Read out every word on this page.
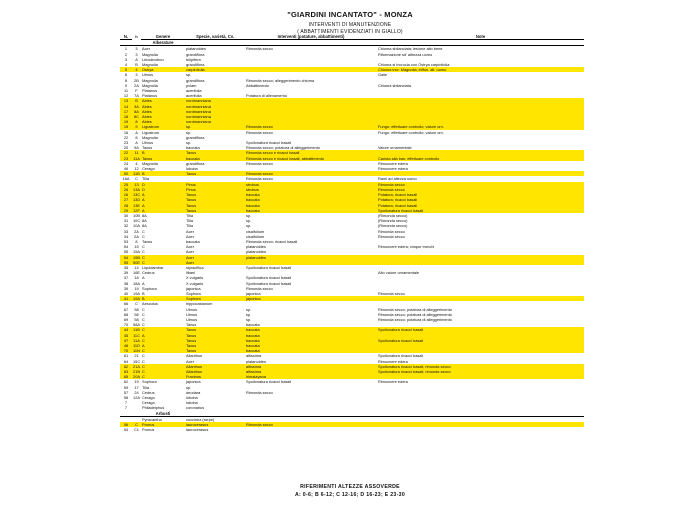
"GIARDINI INCANTATO" - MONZA
INTERVENTI DI MANUTENZIONE
( ABBATTIMENTI EVIDENZIATI IN GIALLO)
N.	h	Genere	Specie, varietà, Cv.	Interventi (potature, abbattimenti)	Note
		Alberature			
1	3	Acer	platanoides	Rimonda secco	Chioma sbilanciata; lesione alto bene
2	3	Magnolia	grandiflora		Riformazione sd' albezza uomo
3	A	Liriodendron	tulipifera		
4	B	Magnolia	grandiflora		Chioma si incrocia con Ostrya carpinifolia
5	4	Ostrya	carpinifolia		Chioma incr. Magnolia; biffon. alt. uomo
6	3	Ulmus	sp.		Galle
8	2B	Magnolia	grandiflora	Rimonda secco; alleggerimento chioma	
9	2A	Magnolia	pvlam	Abbattimento	Chioma sbilanciata
11	F	Platanus	acerifolia		
12	7A	Platanus	acerifolia	Potatura di allevamento	
13	B	Abies	nordmanniana		
14	3A	Abies	nordmanniana		
17	8A	Abies	nordmanniana		
18	8C	Abies	nordmanniana		
19	8	Abies	nordmanniana		
15	9	Ligustrum	sp.	Rimonda secco	Fungo: effettuare controllo; valore orn.
16	A	Ligustrum	sp.	Rimonda secco	Fungo: effettuare controllo; valore orn.
22	8	Magnolia	grandiflora		
23	A	Ulmus	sp.	Spollonatura ricacci basali	
20	9A	Taxus	baccata	Rimonda secco; potatura di alleggerimento	Valore ornamentale
22	11	B	Taxus	Rimonda secco e ricacci basali	
23	11A	Taxus	baccata	Rimonda secco e ricacci basali; abbattimento	Cariota alla bas: effettuare controllo
24	4	Magnolia	grandiflora	Rimonda secco	Rimuovere edera
46	12	Cerago	loboba		Rimuovere edera
50	11B	B	Taxus	Rimonda secco	
16A	C	Tilia		Rimonda secco	Rami ad altezza uomo
25	13	D	Pinus	strobus	Rimonda secco
26	13A	D	Pinus	strobus	Rimonda secco
26	13C	A	Taxus	baccata	Potatura; ricacci basali
27	13D	A	Taxus	baccata	Potatura; ricacci basali
28	13E	A	Taxus	baccata	Potatura; ricacci basali
29	12F	A	Taxus	baccata	Spollonatura ricacci basali
30	10B	8A	Tilia	sp.	(Rimonda secco)
31	10C	8A	Tilia	sp.	(Rimonda secco)
32	10A	8A	Tilia	sp.	(Rimonda secco)
33	2A	C	Acer	cisalfolium	Rimonda secco
34	2A	C	Acer	cisalfolium	Rimonda secco
53	8	Taxus	baccata	Rimonda secco; ricacci basali	
54	15	C	Acer	platanoides	Rimuovere edera; cinque tronchi
55	15A	C	Acer	platanoides	
54	15B	C	Acer	platanoides	
55	50E	C	Acer		
35	14	Liquidambar	styraciflua	Spollonatura ricacci basali	
39	16E	Cedrus	libani		Alto valore ornamentale
37	18	A	X vulgaris	Spollonatura ricacci basali	
38	18A	A	X vulgaris	Spollonatura ricacci basali	
39	19	Sophora	japonica	Rimonda secco	
40	19A	B	Sophora	japonica	Rimonda secco
41	19A	B	Sophora	japonica	
66	C	Aesculus	hippocastanum		
67	58	C	Ulmus	sp.	Rimonda secco; potatura di alleggerimento
68	58	C	Ulmus	sp.	Rimonda secco; potatura di alleggerimento
69	58	C	Ulmus	sp.	Rimonda secco; potatura di alleggerimento
70	58A	C	Taxus	baccata	
44	11B	C	Taxus	baccata	Spollonatura ricacci basali
45	11C	A	Taxus	baccata	
47	11A	C	Taxus	baccata	Spollonatura ricacci basali
48	11D	A	Taxus	baccata	
70	11N	C	Taxus	baccata	
61	21	C	Allanthus	altissima	Spollonatura ricacci basali
64	15C	C	Acer	platanoides	Rimuovere edera
62	21A	C	Allanthus	altissima	Spollonatura ricacci basali; rimonda secco
63	21B	C	Allanthus	altissima	Spollonatura ricacci basali; rimonda secco
65	20A	C	Fraxinus	himalayana	
62	19	Sophora	japonica	Spollonatura ricacci basali	Rimuovere edera
59	17	Tilia	sp.		
57	24	Cedrus	deodara	Rimonda secco	
58	12A	Cerago	loboba		
7		Cerago	loboba		
7		Philadelphus	coronarius		
		Arbusti			
		Pyracantha	coccinea (siepe)		
56	C	Prunus	laurocerasus	Rimonda secco	
54	C1	Prunus	laurocerasus		
RIFERIMENTI ALTEZZE ASSOVERDE
A: 0-6; B 6-12; C 12-16; D 16-23; E 23-30
